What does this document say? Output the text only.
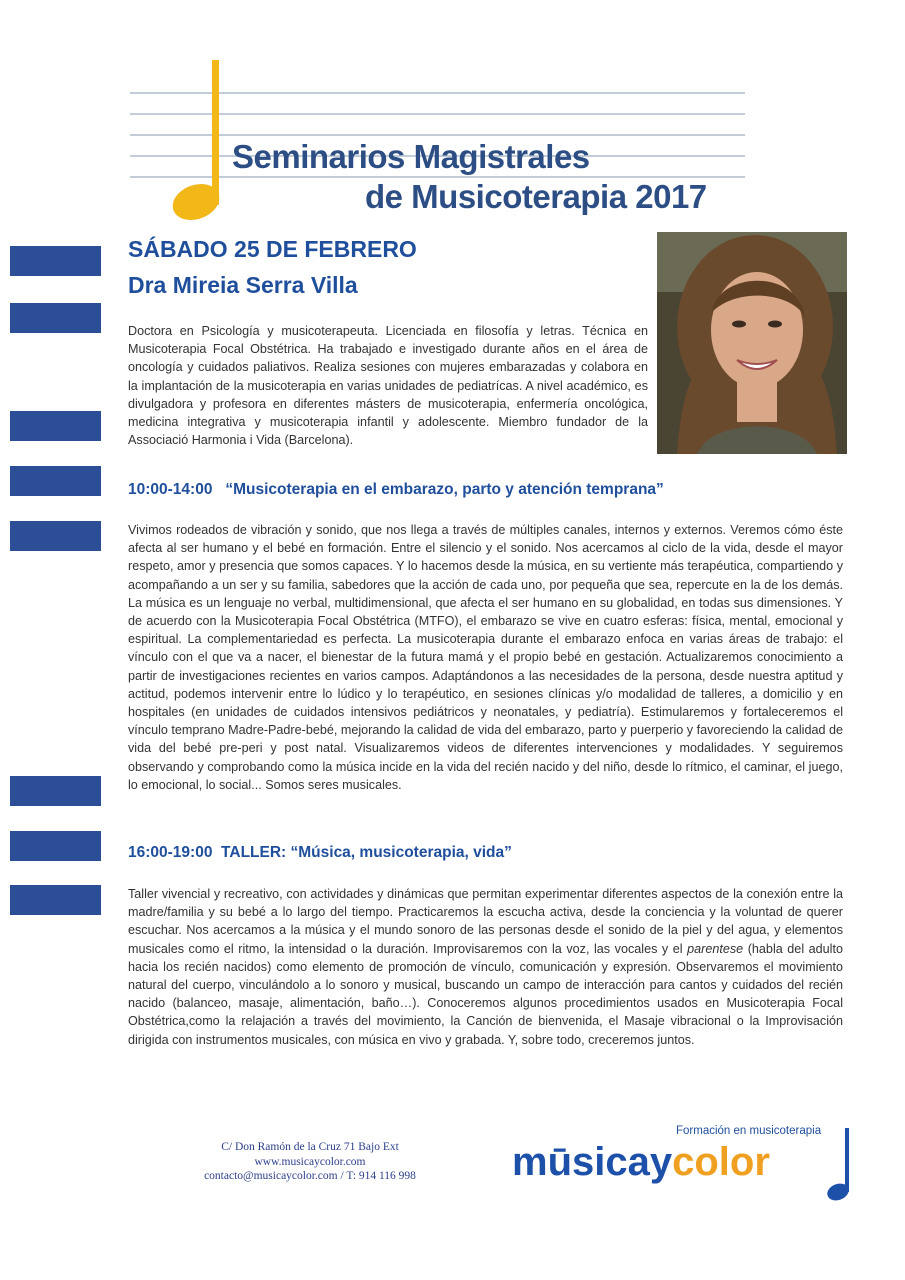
Seminarios Magistrales
de Musicoterapia 2017
SÁBADO 25 DE FEBRERO
Dra Mireia Serra Villa
Doctora en Psicología y musicoterapeuta. Licenciada en filosofía y letras. Técnica en Musicoterapia Focal Obstétrica. Ha trabajado e investigado durante años en el área de oncología y cuidados paliativos. Realiza sesiones con mujeres embarazadas y colabora en la implantación de la musicoterapia en varias unidades de pediatrícas. A nivel académico, es divulgadora y profesora en diferentes másters de musicoterapia, enfermería oncológica, medicina integrativa y musicoterapia infantil y adolescente. Miembro fundador de la Associació Harmonia i Vida (Barcelona).
10:00-14:00   “Musicoterapia en el embarazo, parto y atención temprana”
Vivimos rodeados de vibración y sonido, que nos llega a través de múltiples canales, internos y externos. Veremos cómo éste afecta al ser humano y el bebé en formación. Entre el silencio y el sonido. Nos acercamos al ciclo de la vida, desde el mayor respeto, amor y presencia que somos capaces. Y lo hacemos desde la música, en su vertiente más terapéutica, compartiendo y acompañando a un ser y su familia, sabedores que la acción de cada uno, por pequeña que sea, repercute en la de los demás. La música es un lenguaje no verbal, multidimensional, que afecta el ser humano en su globalidad, en todas sus dimensiones. Y de acuerdo con la Musicoterapia Focal Obstétrica (MTFO), el embarazo se vive en cuatro esferas: física, mental, emocional y espiritual. La complementariedad es perfecta. La musicoterapia durante el embarazo enfoca en varias áreas de trabajo: el vínculo con el que va a nacer, el bienestar de la futura mamá y el propio bebé en gestación. Actualizaremos conocimiento a partir de investigaciones recientes en varios campos. Adaptándonos a las necesidades de la persona, desde nuestra aptitud y actitud, podemos intervenir entre lo lúdico y lo terapéutico, en sesiones clínicas y/o modalidad de talleres, a domicilio y en hospitales (en unidades de cuidados intensivos pediátricos y neonatales, y pediatría). Estimularemos y fortaleceremos el vínculo temprano Madre-Padre-bebé, mejorando la calidad de vida del embarazo, parto y puerperio y favoreciendo la calidad de vida del bebé pre-peri y post natal. Visualizaremos videos de diferentes intervenciones y modalidades. Y seguiremos observando y comprobando como la música incide en la vida del recién nacido y del niño, desde lo rítmico, el caminar, el juego, lo emocional, lo social... Somos seres musicales.
16:00-19:00  TALLER: “Música, musicoterapia, vida”
Taller vivencial y recreativo, con actividades y dinámicas que permitan experimentar diferentes aspectos de la conexión entre la madre/familia y su bebé a lo largo del tiempo. Practicaremos la escucha activa, desde la conciencia y la voluntad de querer escuchar. Nos acercamos a la música y el mundo sonoro de las personas desde el sonido de la piel y del agua, y elementos musicales como el ritmo, la intensidad o la duración. Improvisaremos con la voz, las vocales y el parentese (habla del adulto hacia los recién nacidos) como elemento de promoción de vínculo, comunicación y expresión. Observaremos el movimiento natural del cuerpo, vinculándolo a lo sonoro y musical, buscando un campo de interacción para cantos y cuidados del recién nacido (balanceo, masaje, alimentación, baño…). Conoceremos algunos procedimientos usados en Musicoterapia Focal Obstétrica,como la relajación a través del movimiento, la Canción de bienvenida, el Masaje vibracional o la Improvisación dirigida con instrumentos musicales, con música en vivo y grabada. Y, sobre todo, creceremos juntos.
C/ Don Ramón de la Cruz 71 Bajo Ext
www.musicaycolor.com
contacto@musicaycolor.com / T: 914 116 998
Formación en musicoterapia
mūsicaycolor
